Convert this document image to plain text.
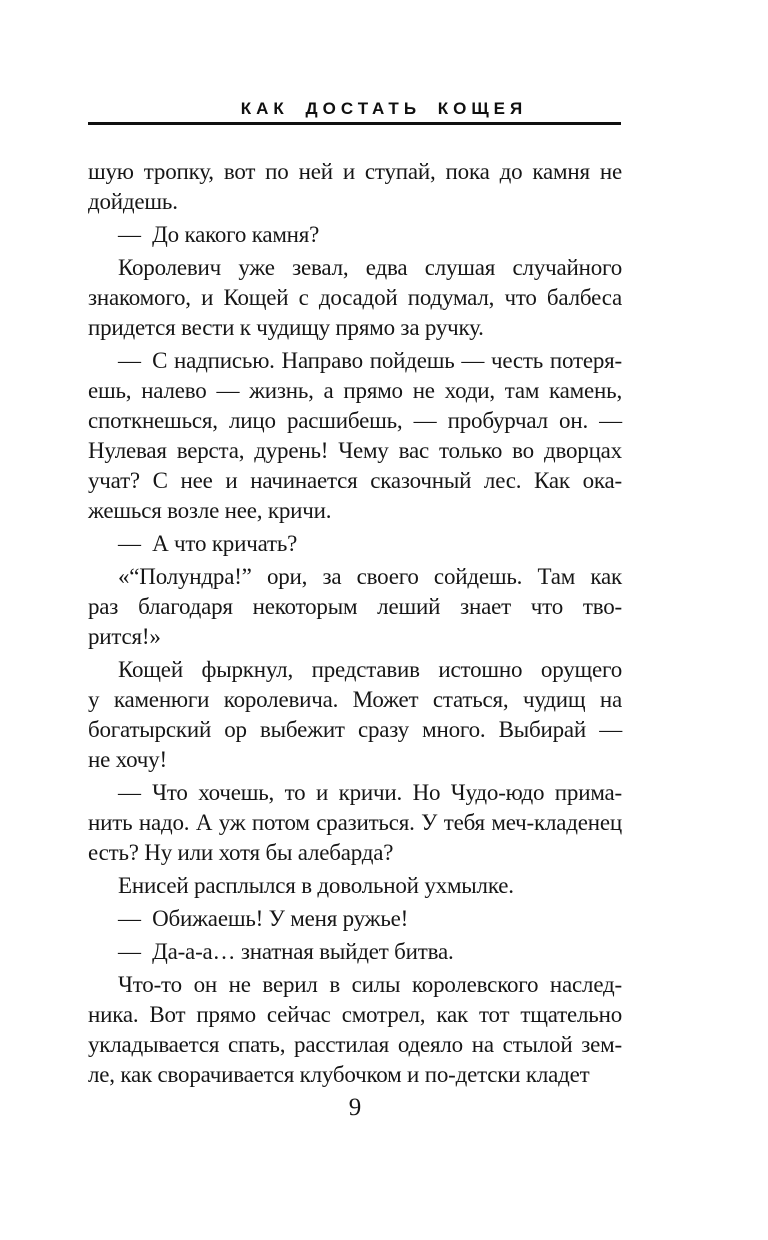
КАК ДОСТАТЬ КОЩЕЯ
шую тропку, вот по ней и ступай, пока до камня не
дойдешь.
— До какого камня?
Королевич уже зевал, едва слушая случайного
знакомого, и Кощей с досадой подумал, что балбеса
придется вести к чудищу прямо за ручку.
— С надписью. Направо пойдешь — честь потеря-
ешь, налево — жизнь, а прямо не ходи, там камень,
споткнешься, лицо расшибешь, — пробурчал он. —
Нулевая верста, дурень! Чему вас только во дворцах
учат? С нее и начинается сказочный лес. Как ока-
жешься возле нее, кричи.
— А что кричать?
«“Полундра!” ори, за своего сойдешь. Там как
раз благодаря некоторым леший знает что тво-
рится!»
Кощей фыркнул, представив истошно орущего
у каменюги королевича. Может статься, чудищ на
богатырский ор выбежит сразу много. Выбирай —
не хочу!
— Что хочешь, то и кричи. Но Чудо-юдо прима-
нить надо. А уж потом сразиться. У тебя меч-кладенец
есть? Ну или хотя бы алебарда?
Енисей расплылся в довольной ухмылке.
— Обижаешь! У меня ружье!
— Да-а-а… знатная выйдет битва.
Что-то он не верил в силы королевского наслед-
ника. Вот прямо сейчас смотрел, как тот тщательно
укладывается спать, расстилая одеяло на стылой зем-
ле, как сворачивается клубочком и по-детски кладет
9
